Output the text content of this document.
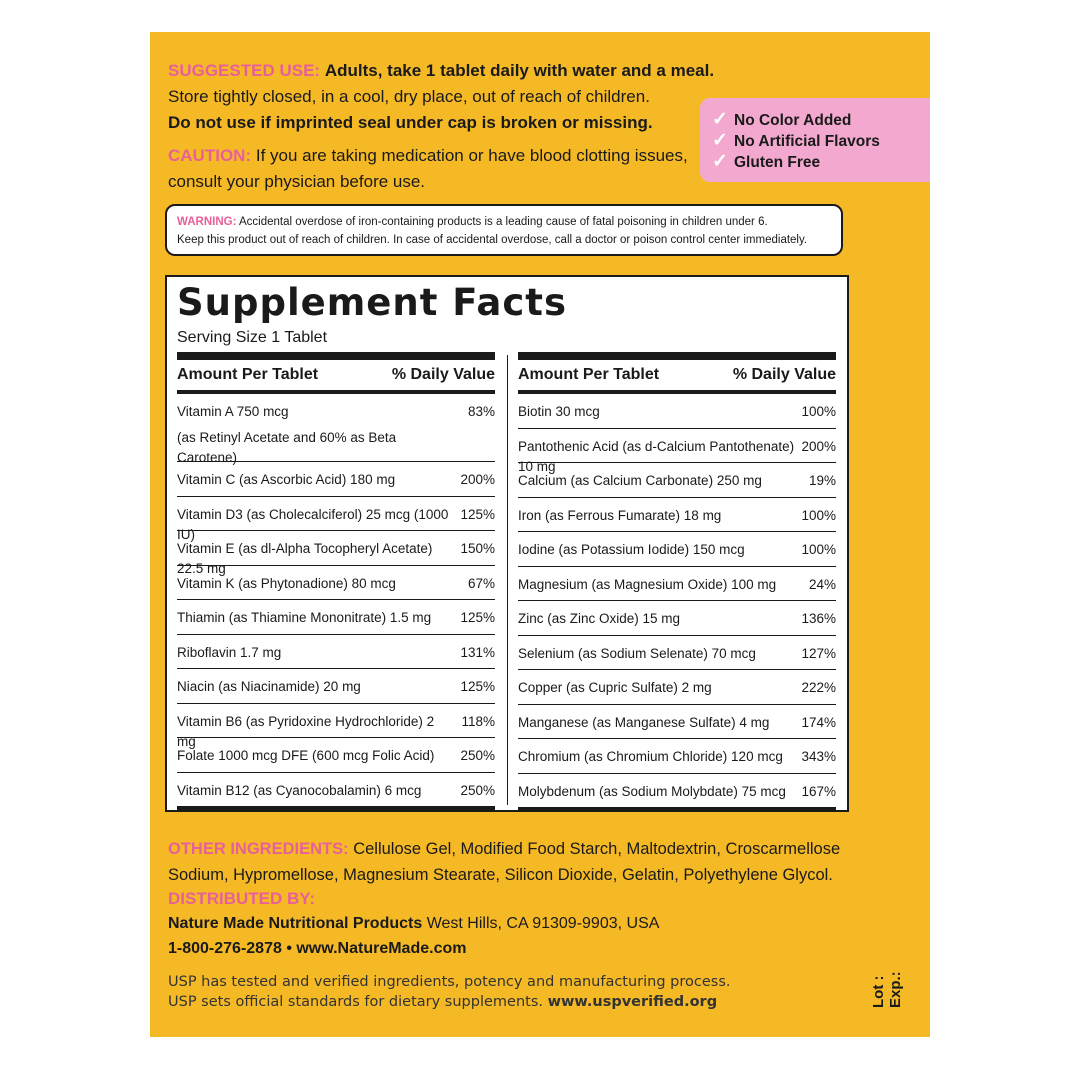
SUGGESTED USE: Adults, take 1 tablet daily with water and a meal.
Store tightly closed, in a cool, dry place, out of reach of children.
Do not use if imprinted seal under cap is broken or missing.
CAUTION: If you are taking medication or have blood clotting issues,
consult your physician before use.
✓ No Color Added
✓ No Artificial Flavors
✓ Gluten Free
WARNING: Accidental overdose of iron-containing products is a leading cause of fatal poisoning in children under 6.
Keep this product out of reach of children. In case of accidental overdose, call a doctor or poison control center immediately.
Supplement Facts
Serving Size 1 Tablet
Amount Per Tablet	% Daily Value
Vitamin A 750 mcg
(as Retinyl Acetate and 60% as Beta Carotene)
83%
Vitamin C (as Ascorbic Acid) 180 mg	200%
Vitamin D3 (as Cholecalciferol) 25 mcg (1000 IU)
125%
Vitamin E (as dl-Alpha Tocopheryl Acetate) 22.5 mg
150%
Vitamin K (as Phytonadione) 80 mcg	67%
Thiamin (as Thiamine Mononitrate) 1.5 mg 125%
Riboflavin 1.7 mg	131%
Niacin (as Niacinamide) 20 mg	125%
Vitamin B6 (as Pyridoxine Hydrochloride) 2 mg
118%
Folate 1000 mcg DFE (600 mcg Folic Acid) 250%
Vitamin B12 (as Cyanocobalamin) 6 mcg	250%
Amount Per Tablet	% Daily Value
Biotin 30 mcg	100%
Pantothenic Acid (as d-Calcium Pantothenate) 10 mg
200%
Calcium (as Calcium Carbonate) 250 mg	19%
Iron (as Ferrous Fumarate) 18 mg	100%
Iodine (as Potassium Iodide) 150 mcg	100%
Magnesium (as Magnesium Oxide) 100 mg 24%
Zinc (as Zinc Oxide) 15 mg	136%
Selenium (as Sodium Selenate) 70 mcg	127%
Copper (as Cupric Sulfate) 2 mg	222%
Manganese (as Manganese Sulfate) 4 mg 174%
Chromium (as Chromium Chloride) 120 mcg 343%
Molybdenum (as Sodium Molybdate) 75 mcg 167%
OTHER INGREDIENTS: Cellulose Gel, Modified Food Starch, Maltodextrin, Croscarmellose Sodium, Hypromellose, Magnesium Stearate, Silicon Dioxide, Gelatin, Polyethylene Glycol.
DISTRIBUTED BY:
Nature Made Nutritional Products West Hills, CA 91309-9903, USA
1-800-276-2878 • www.NatureMade.com
USP has tested and verified ingredients, potency and manufacturing process.
USP sets official standards for dietary supplements. www.uspverified.org	Lot : Exp.:
